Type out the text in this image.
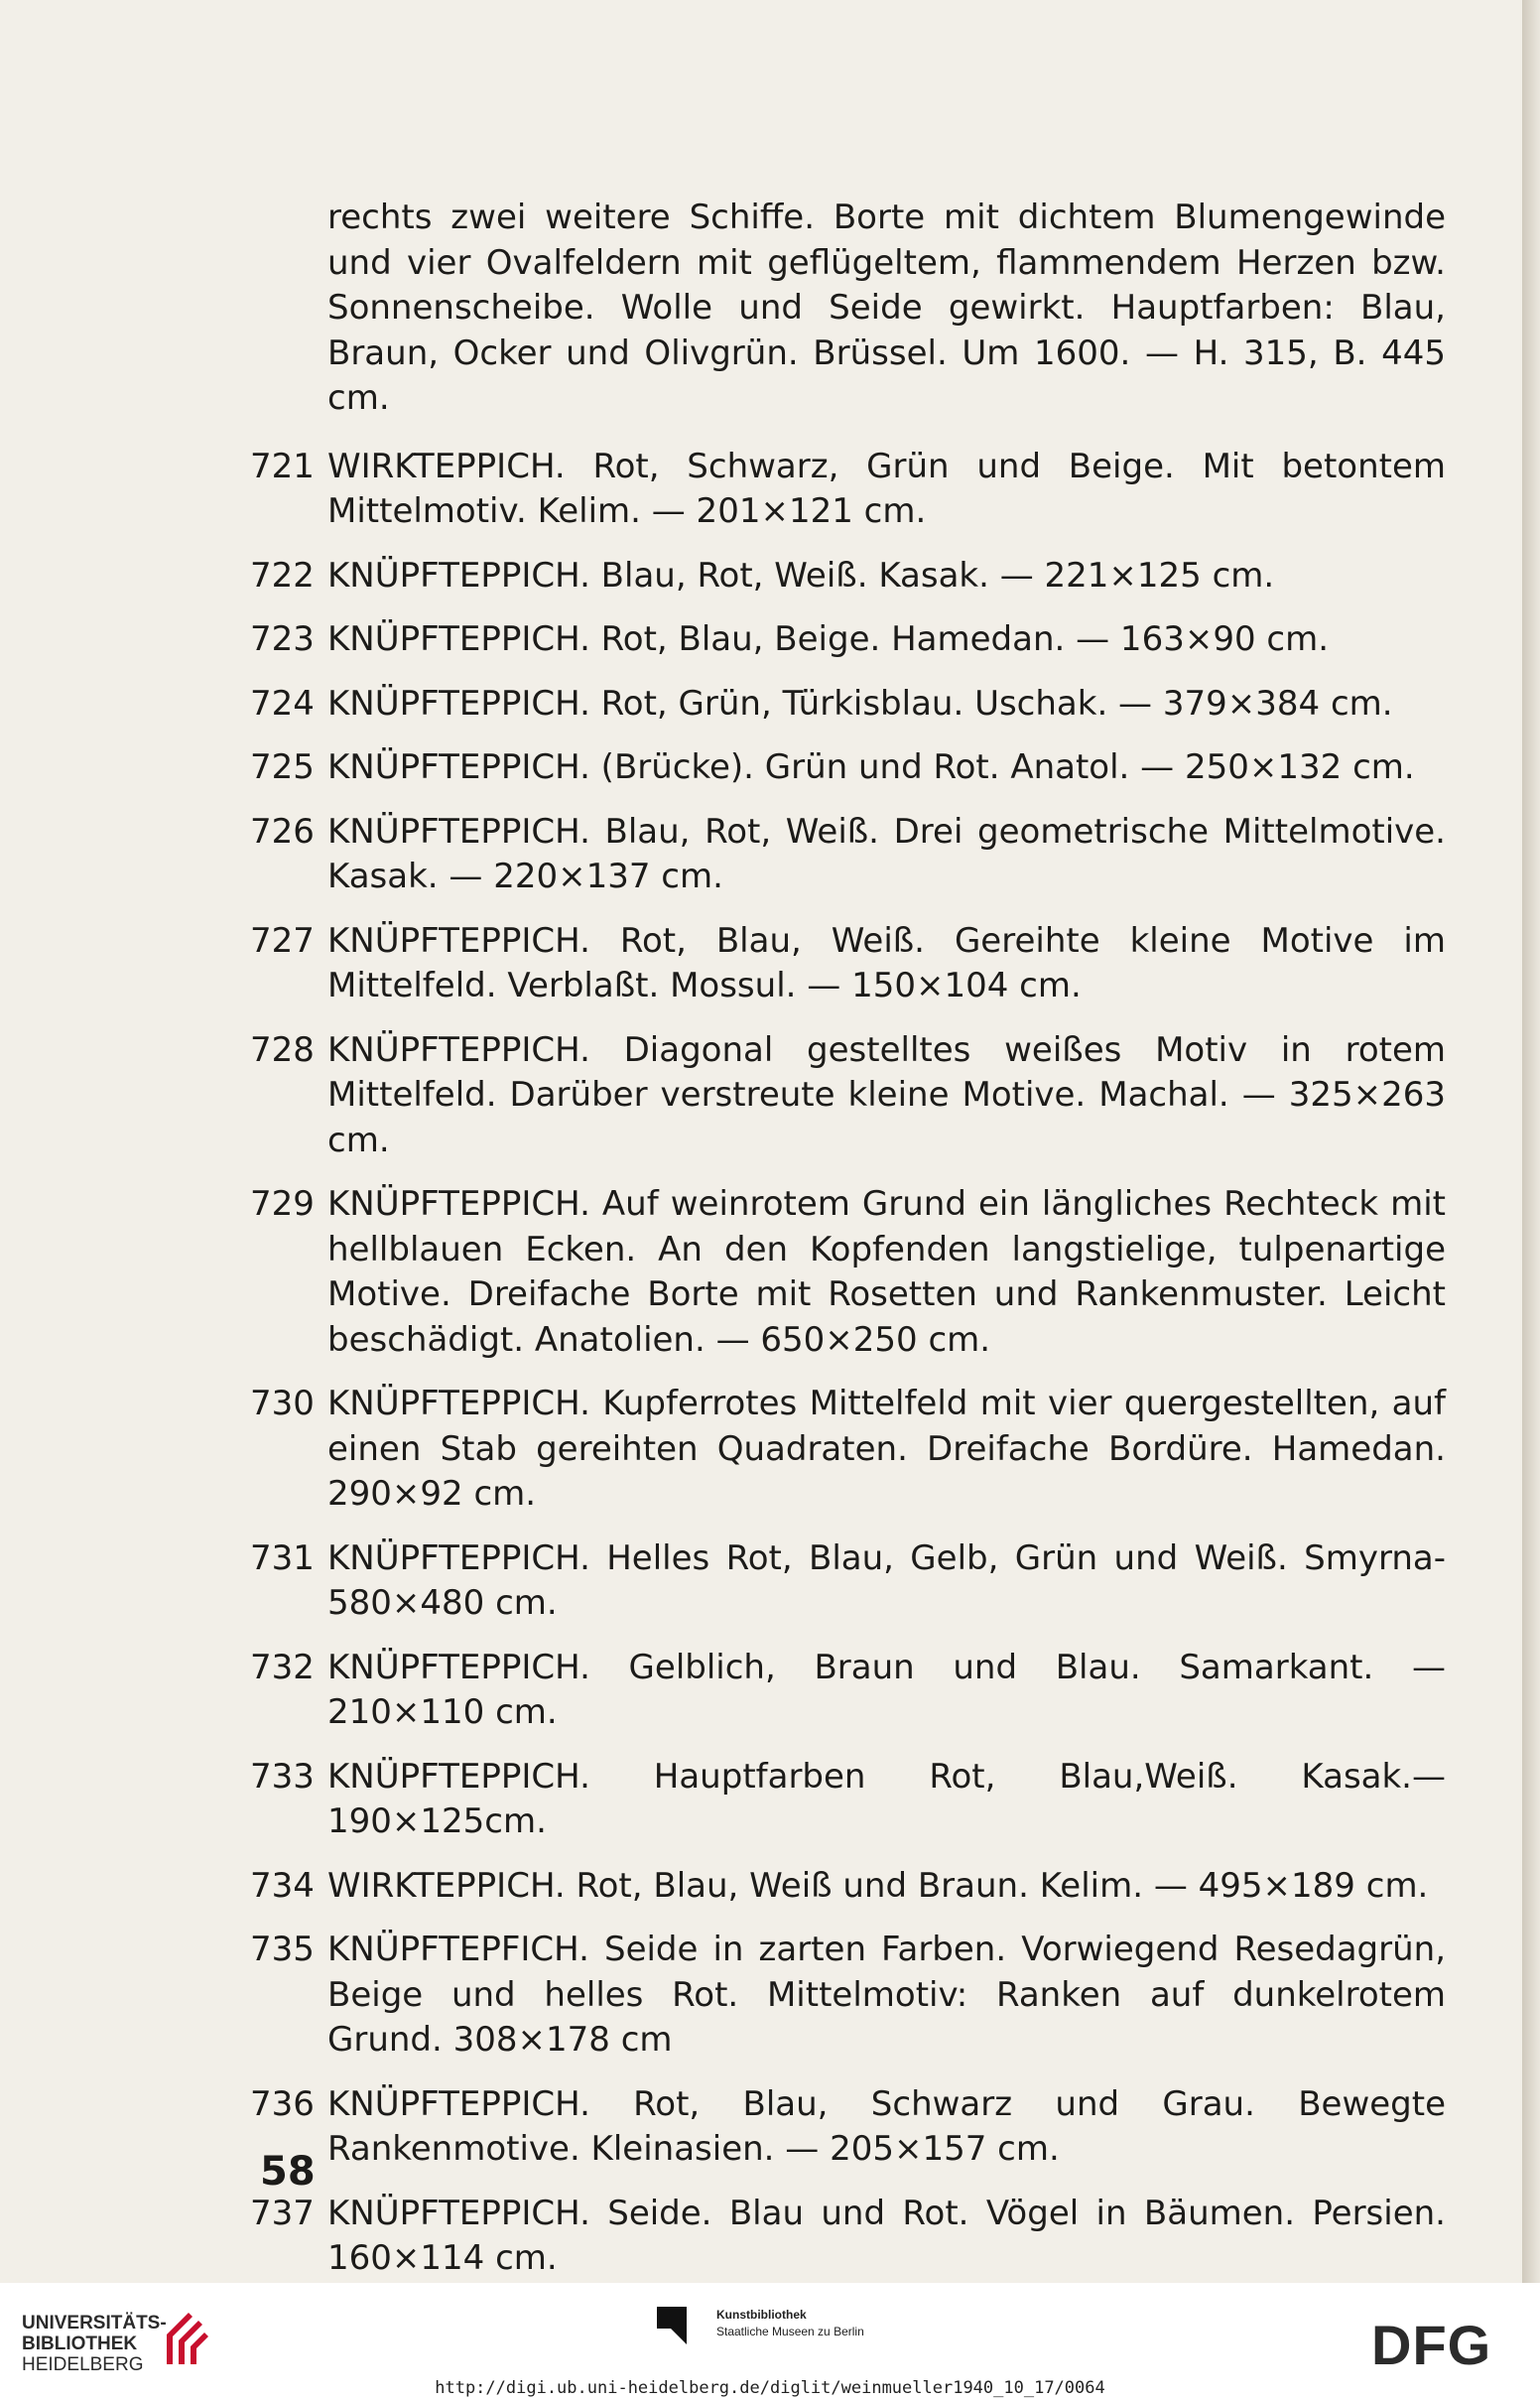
rechts zwei weitere Schiffe. Borte mit dichtem Blumengewinde und vier Ovalfeldern mit geflügeltem, flammendem Herzen bzw. Sonnenscheibe. Wolle und Seide gewirkt. Hauptfarben: Blau, Braun, Ocker und Olivgrün. Brüssel. Um 1600. — H. 315, B. 445 cm.
721 WIRKTEPPICH. Rot, Schwarz, Grün und Beige. Mit betontem Mittelmotiv. Kelim. — 201×121 cm.
722 KNÜPFTEPPICH. Blau, Rot, Weiß. Kasak. — 221×125 cm.
723 KNÜPFTEPPICH. Rot, Blau, Beige. Hamedan. — 163×90 cm.
724 KNÜPFTEPPICH. Rot, Grün, Türkisblau. Uschak. — 379×384 cm.
725 KNÜPFTEPPICH. (Brücke). Grün und Rot. Anatol. — 250×132 cm.
726 KNÜPFTEPPICH. Blau, Rot, Weiß. Drei geometrische Mittelmotive. Kasak. — 220×137 cm.
727 KNÜPFTEPPICH. Rot, Blau, Weiß. Gereihte kleine Motive im Mittelfeld. Verblaßt. Mossul. — 150×104 cm.
728 KNÜPFTEPPICH. Diagonal gestelltes weißes Motiv in rotem Mittelfeld. Darüber verstreute kleine Motive. Machal. — 325×263 cm.
729 KNÜPFTEPPICH. Auf weinrotem Grund ein längliches Rechteck mit hellblauen Ecken. An den Kopfenden langstielige, tulpenartige Motive. Dreifache Borte mit Rosetten und Rankenmuster. Leicht beschädigt. Anatolien. — 650×250 cm.
730 KNÜPFTEPPICH. Kupferrotes Mittelfeld mit vier quergestellten, auf einen Stab gereihten Quadraten. Dreifache Bordüre. Hamedan. 290×92 cm.
731 KNÜPFTEPPICH. Helles Rot, Blau, Gelb, Grün und Weiß. Smyrna- 580×480 cm.
732 KNÜPFTEPPICH. Gelblich, Braun und Blau. Samarkant. — 210×110 cm.
733 KNÜPFTEPPICH. Hauptfarben Rot, Blau,Weiß. Kasak.—190×125cm.
734 WIRKTEPPICH. Rot, Blau, Weiß und Braun. Kelim. — 495×189 cm.
735 KNÜPFTEPFICH. Seide in zarten Farben. Vorwiegend Resedagrün, Beige und helles Rot. Mittelmotiv: Ranken auf dunkelrotem Grund. 308×178 cm
736 KNÜPFTEPPICH. Rot, Blau, Schwarz und Grau. Bewegte Rankenmotive. Kleinasien. — 205×157 cm.
737 KNÜPFTEPPICH. Seide. Blau und Rot. Vögel in Bäumen. Persien. 160×114 cm.
58
UNIVERSITÄTS-
BIBLIOTHEK
HEIDELBERG
Kunstbibliothek
Staatliche Museen zu Berlin	DFG
http://digi.ub.uni-heidelberg.de/diglit/weinmueller1940_10_17/0064
